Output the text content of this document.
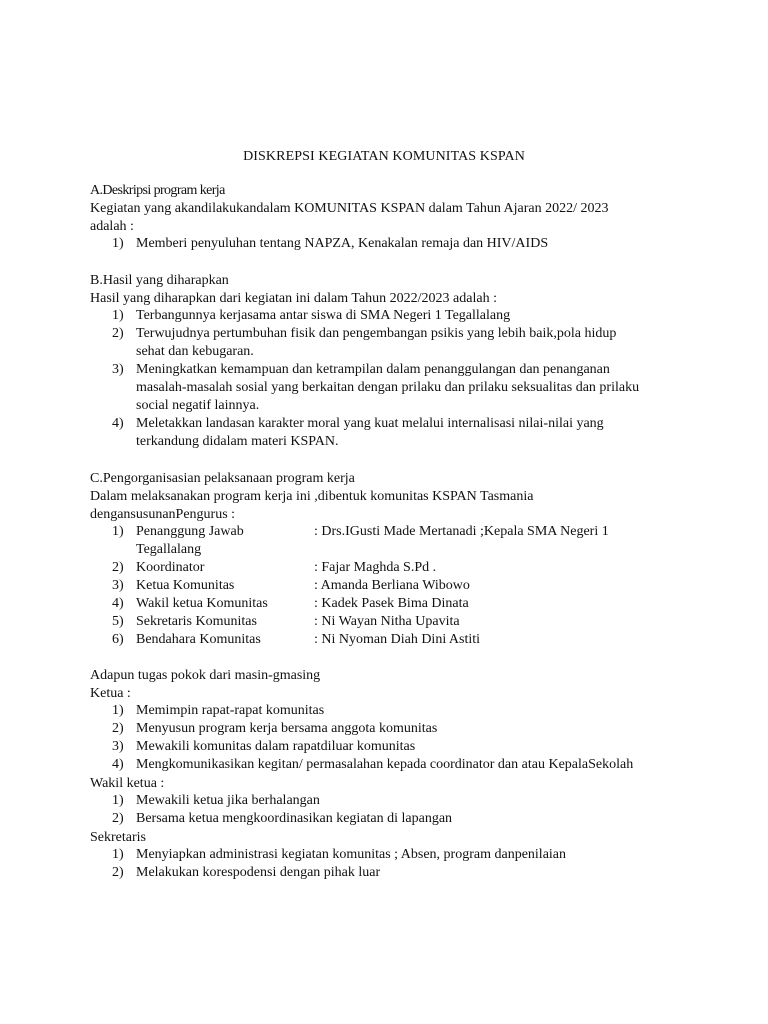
DISKREPSI KEGIATAN KOMUNITAS KSPAN
A.Deskripsi program kerja
Kegiatan yang akandilakukandalam KOMUNITAS KSPAN dalam Tahun Ajaran 2022/ 2023
adalah :
1) Memberi penyuluhan tentang NAPZA, Kenakalan remaja dan HIV/AIDS
B.Hasil yang diharapkan
Hasil yang diharapkan dari kegiatan ini dalam Tahun 2022/2023 adalah :
1) Terbangunnya kerjasama antar siswa di SMA Negeri 1 Tegallalang
2) Terwujudnya pertumbuhan fisik dan pengembangan psikis yang lebih baik,pola hidup
sehat dan kebugaran.
3) Meningkatkan kemampuan dan ketrampilan dalam penanggulangan dan penanganan
masalah-masalah sosial yang berkaitan dengan prilaku dan prilaku seksualitas dan prilaku
social negatif lainnya.
4) Meletakkan landasan karakter moral yang kuat melalui internalisasi nilai-nilai yang
terkandung didalam materi KSPAN.
C.Pengorganisasian pelaksanaan program kerja
Dalam melaksanakan program kerja ini ,dibentuk komunitas KSPAN Tasmania
dengansusunanPengurus :
1) Penanggung Jawab	: Drs.IGusti Made Mertanadi ;Kepala SMA Negeri 1
Tegallalang
2) Koordinator	: Fajar Maghda S.Pd .
3) Ketua Komunitas	: Amanda Berliana Wibowo
4) Wakil ketua Komunitas	: Kadek Pasek Bima Dinata
5) Sekretaris Komunitas	: Ni Wayan Nitha Upavita
6) Bendahara Komunitas	: Ni Nyoman Diah Dini Astiti
Adapun tugas pokok dari masin-gmasing
Ketua :
1) Memimpin rapat-rapat komunitas
2) Menyusun program kerja bersama anggota komunitas
3) Mewakili komunitas dalam rapatdiluar komunitas
4) Mengkomunikasikan kegitan/ permasalahan kepada coordinator dan atau KepalaSekolah
Wakil ketua :
1) Mewakili ketua jika berhalangan
2) Bersama ketua mengkoordinasikan kegiatan di lapangan
Sekretaris
1) Menyiapkan administrasi kegiatan komunitas ; Absen, program danpenilaian
2) Melakukan korespodensi dengan pihak luar
